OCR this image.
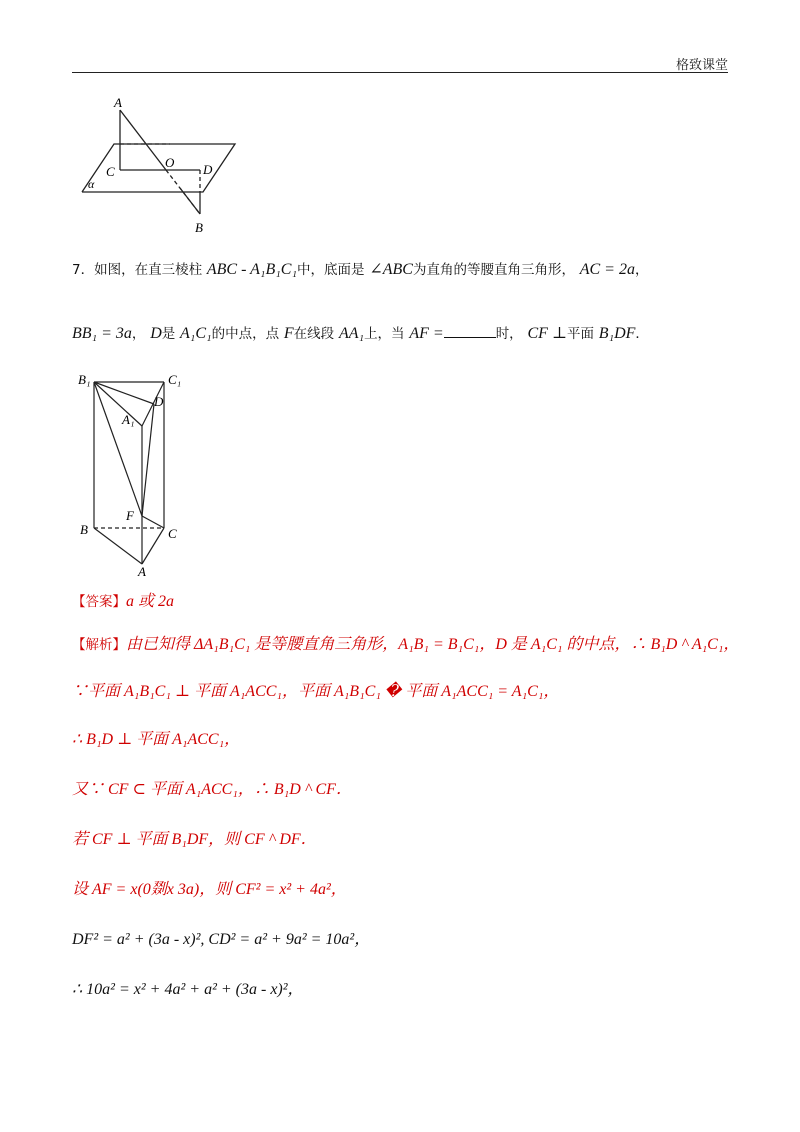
格致课堂
A
B
C
O D
α
7．如图，在直三棱柱 ABC - A₁B₁C₁中，底面是 ∠ABC为直角的等腰直角三角形， AC = 2a，
BB₁ = 3a， D是 A₁C₁的中点，点 F在线段 AA₁上，当 AF =	时， CF ⊥平面 B₁DF．
B₁	C₁
D
A₁
F
B	C
A
【答案】a 或 2a
【解析】由已知得 ΔA₁B₁C₁ 是等腰直角三角形，A₁B₁ = B₁C₁，D 是 A₁C₁ 的中点，∴ B₁D ^ A₁C₁，
∵平面 A₁B₁C₁ ⊥ 平面 A₁ACC₁，平面 A₁B₁C₁ � 平面 A₁ACC₁ = A₁C₁，
∴ B₁D ⊥ 平面 A₁ACC₁，
又∵ CF ⊂ 平面 A₁ACC₁，∴ B₁D ^ CF．
若 CF ⊥ 平面 B₁DF，则 CF ^ DF．
设 AF = x(0剟x 3a)，则 CF² = x² + 4a²，
DF² = a² + (3a - x)², CD² = a² + 9a² = 10a²，
∴ 10a² = x² + 4a² + a² + (3a - x)²，
